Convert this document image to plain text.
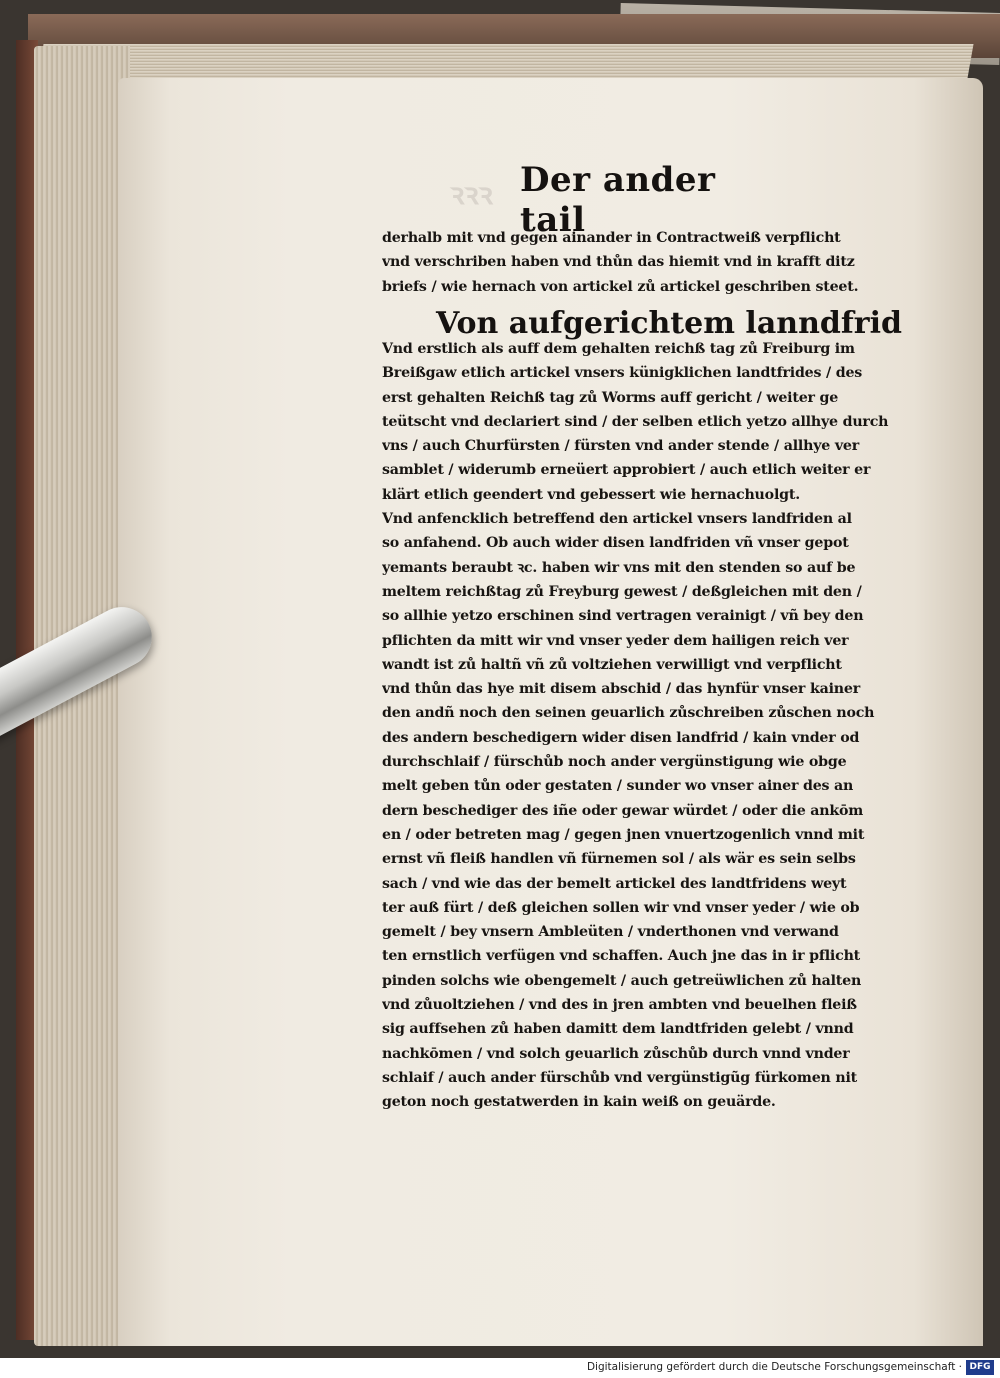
ꝛꝛꝛ Der ander tail
derhalb mit vnd gegen ainander in Contractweiß verpflicht
vnd verschriben haben vnd thůn das hiemit vnd in krafft ditz
briefs / wie hernach von artickel zů artickel geschriben steet.
Von aufgerichtem lanndfrid
Vnd erstlich als auff dem gehalten reichß tag zů Freiburg im
Breißgaw etlich artickel vnsers künigklichen landtfrides / des
erst gehalten Reichß tag zů Worms auff gericht / weiter ge
teütscht vnd declariert sind / der selben etlich yetzo allhye durch
vns / auch Churfürsten / fürsten vnd ander stende / allhye ver
samblet / widerumb erneüert approbiert / auch etlich weiter er
klärt etlich geendert vnd gebessert wie hernachuolgt.
Vnd anfencklich betreffend den artickel vnsers landfriden al
so anfahend. Ob auch wider disen landfriden vñ vnser gepot
yemants beraubt ꝛc. haben wir vns mit den stenden so auf be
meltem reichßtag zů Freyburg gewest / deßgleichen mit den /
so allhie yetzo erschinen sind vertragen verainigt / vñ bey den
pflichten da mitt wir vnd vnser yeder dem hailigen reich ver
wandt ist zů haltñ vñ zů voltziehen verwilligt vnd verpflicht
vnd thůn das hye mit disem abschid / das hynfür vnser kainer
den andñ noch den seinen geuarlich zůschreiben zůschen noch
des andern beschedigern wider disen landfrid / kain vnder od
durchschlaif / fürschůb noch ander vergünstigung wie obge
melt geben tůn oder gestaten / sunder wo vnser ainer des an
dern beschediger des iñe oder gewar würdet / oder die ankōm
en / oder betreten mag / gegen jnen vnuertzogenlich vnnd mit
ernst vñ fleiß handlen vñ fürnemen sol / als wär es sein selbs
sach / vnd wie das der bemelt artickel des landtfridens weyt
ter auß fürt / deß gleichen sollen wir vnd vnser yeder / wie ob
gemelt / bey vnsern Ambleüten / vnderthonen vnd verwand
ten ernstlich verfügen vnd schaffen. Auch jne das in ir pflicht
pinden solchs wie obengemelt / auch getreüwlichen zů halten
vnd zůuoltziehen / vnd des in jren ambten vnd beuelhen fleiß
sig auffsehen zů haben damitt dem landtfriden gelebt / vnnd
nachkōmen / vnd solch geuarlich zůschůb durch vnnd vnder
schlaif / auch ander fürschůb vnd vergünstigũg fürkomen nit
geton noch gestatwerden in kain weiß on geuärde.
Digitalisierung gefördert durch die Deutsche Forschungsgemeinschaft · DFG
